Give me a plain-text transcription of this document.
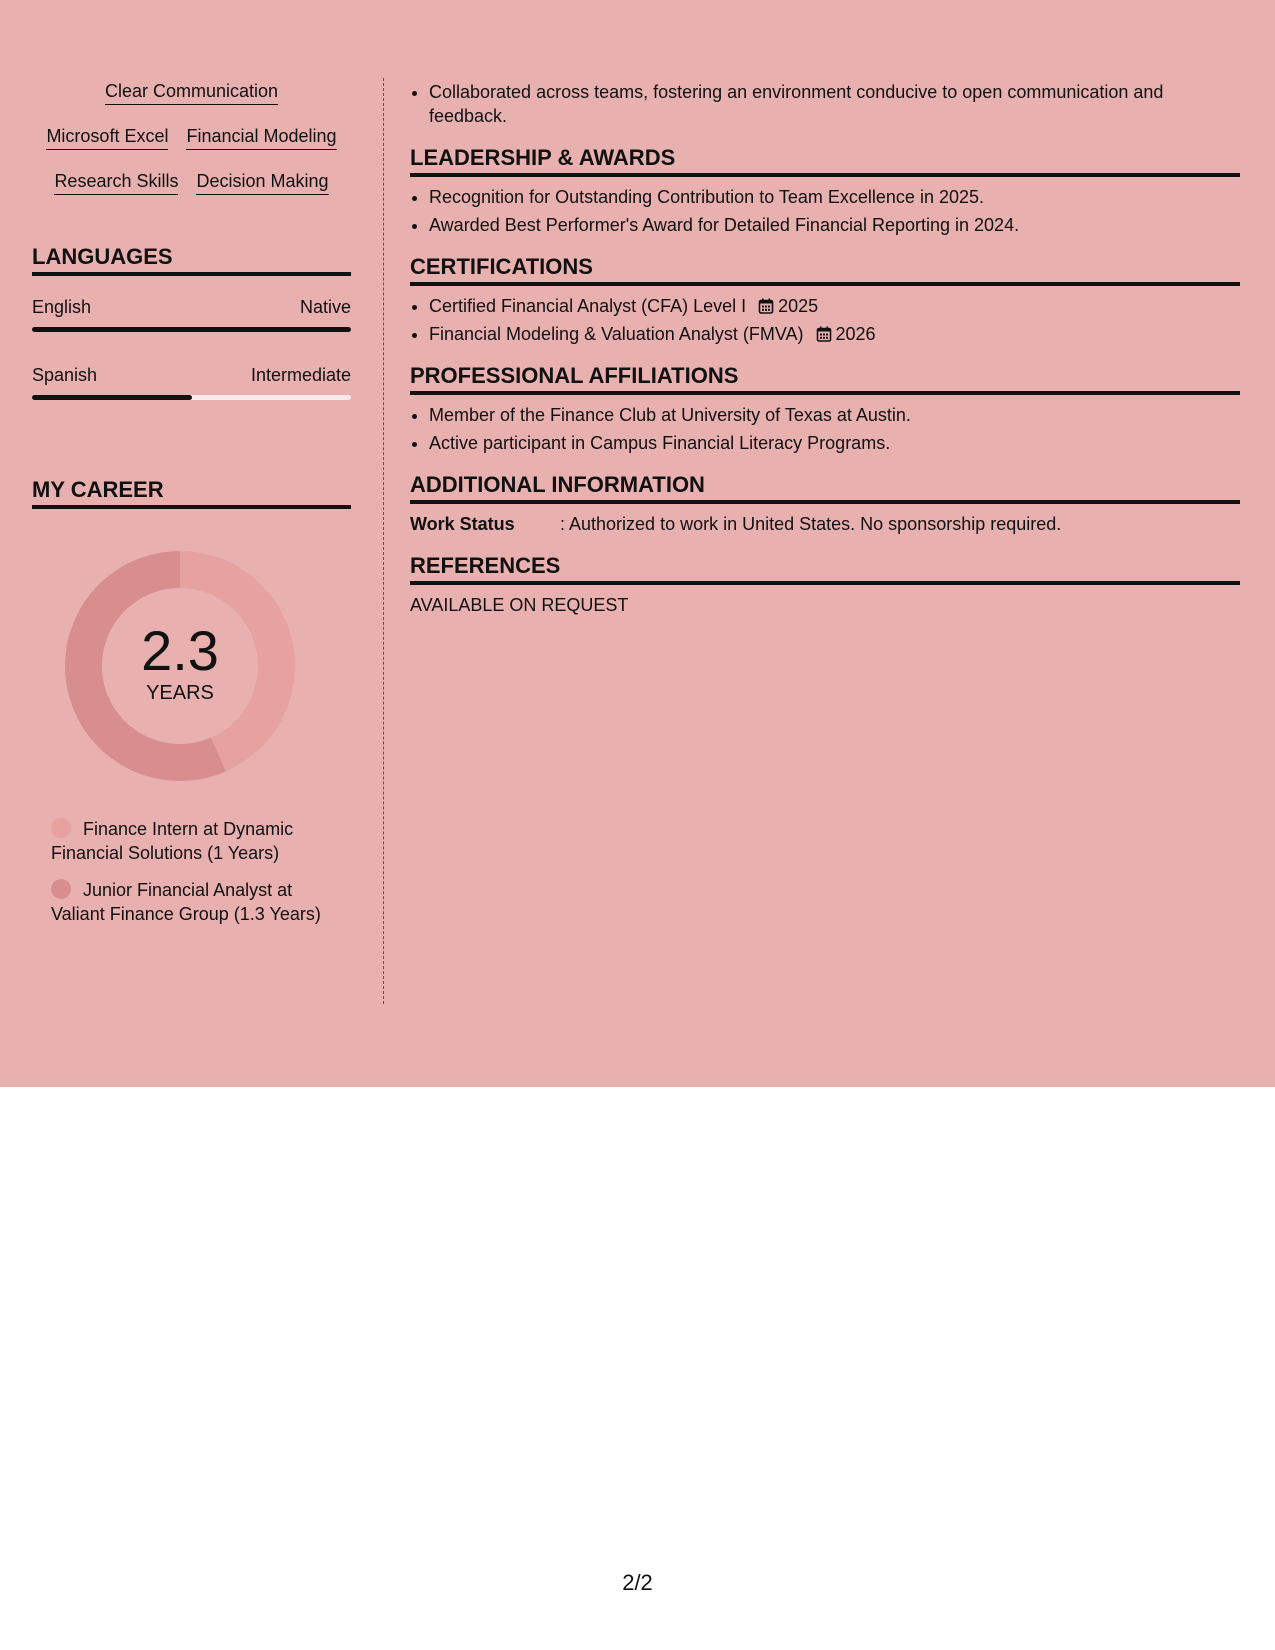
Clear Communication
Microsoft Excel Financial Modeling
Research Skills Decision Making
LANGUAGES
English	Native
Spanish	Intermediate
MY CAREER
2.3
YEARS
Finance Intern at Dynamic Financial Solutions (1 Years)
Junior Financial Analyst at Valiant Finance Group (1.3 Years)
• Collaborated across teams, fostering an environment conducive to open communication and feedback.
LEADERSHIP & AWARDS
• Recognition for Outstanding Contribution to Team Excellence in 2025.
• Awarded Best Performer's Award for Detailed Financial Reporting in 2024.
CERTIFICATIONS
• Certified Financial Analyst (CFA) Level I 2025
• Financial Modeling & Valuation Analyst (FMVA) 2026
PROFESSIONAL AFFILIATIONS
• Member of the Finance Club at University of Texas at Austin.
• Active participant in Campus Financial Literacy Programs.
ADDITIONAL INFORMATION
Work Status	: Authorized to work in United States. No sponsorship required.
REFERENCES
AVAILABLE ON REQUEST
2/2
